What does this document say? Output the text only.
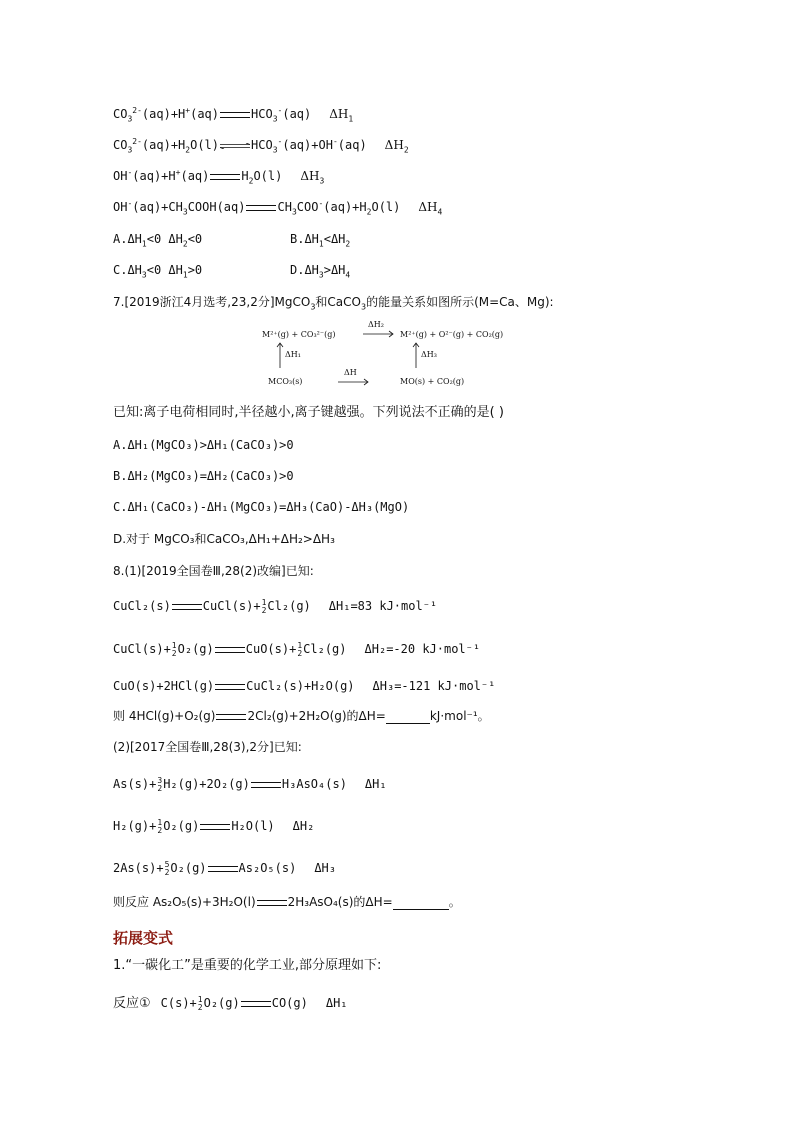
$CO_3^{2-}(aq)+H^+(aq)$	$HCO_3^-(aq)$ $\Delta H_1$
$CO_3^{2-}(aq)+H_2O(l)\rightleftharpoons HCO_3^-(aq)+OH^-(aq)$ $\Delta H_2$
OH-(aq)+H+(aq)	$H_2O(l)$ $\Delta H_3$
$OH^-(aq)+CH_3COOH(aq)$	$CH_3COO^-(aq)+H_2O(l)$ $\Delta H_4$
$A.\Delta H_1<0$ $\Delta H_2<0$	$B.\Delta H_1<\Delta H_2$
$C.\Delta H_3<0$ $\Delta H_1>0$	$D.\Delta H_3>\Delta H_4$
7.[2019浙江4月选考,23,2分]MgCO$_3$和CaCO$_3$的能量关系如图所示(M=Ca、Mg):
M²⁺(g) + CO₃²⁻(g)
ΔH₂
M²⁺(g) + O²⁻(g) + CO₂(g)
ΔH₁	ΔH₃
MCO₃(s)
ΔH
MO(s) + CO₂(g)
已知:离子电荷相同时,半径越小,离子键越强。下列说法不正确的是( )
A.ΔH₁(MgCO₃)>ΔH₁(CaCO₃)>0
B.ΔH₂(MgCO₃)=ΔH₂(CaCO₃)>0
C.ΔH₁(CaCO₃)-ΔH₁(MgCO₃)=ΔH₃(CaO)-ΔH₃(MgO)
D.对于 MgCO₃和CaCO₃,ΔH₁+ΔH₂>ΔH₃
8.(1)[2019全国卷Ⅲ,28(2)改编]已知:
CuCl₂(s)	CuCl(s)+ 1
2 Cl₂(g) ΔH₁=83 kJ·mol⁻¹
CuCl(s)+ 1
2 O₂(g)	CuO(s)+ 1
2 Cl₂(g) ΔH₂=-20 kJ·mol⁻¹
CuO(s)+2HCl(g)	CuCl₂(s)+H₂O(g) ΔH₃=-121 kJ·mol⁻¹
则 4HCl(g)+O₂(g)	2Cl₂(g)+2H₂O(g)的ΔH=	kJ·mol⁻¹。
(2)[2017全国卷Ⅲ,28(3),2分]已知:
As(s)+ 3
2 H₂(g)+2O₂(g)	H₃AsO₄(s) ΔH₁
H₂(g)+ 1
2 O₂(g)	H₂O(l) ΔH₂
2As(s)+ 5
2 O₂(g)	As₂O₅(s) ΔH₃
则反应 As₂O₅(s)+3H₂O(l)	2H₃AsO₄(s)的ΔH=	。
拓展变式
1.“一碳化工”是重要的化学工业,部分原理如下:
反应① C(s)+ 1
2 O₂(g)	CO(g) ΔH₁
